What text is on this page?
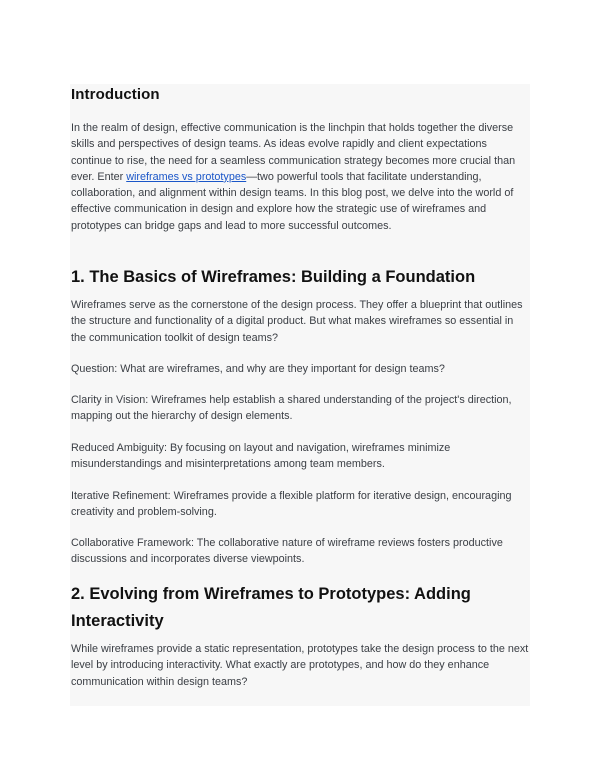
Introduction

In the realm of design, effective communication is the linchpin that holds together the diverse skills and perspectives of design teams. As ideas evolve rapidly and client expectations continue to rise, the need for a seamless communication strategy becomes more crucial than ever. Enter wireframes vs prototypes—two powerful tools that facilitate understanding, collaboration, and alignment within design teams. In this blog post, we delve into the world of effective communication in design and explore how the strategic use of wireframes and prototypes can bridge gaps and lead to more successful outcomes.

1. The Basics of Wireframes: Building a Foundation

Wireframes serve as the cornerstone of the design process. They offer a blueprint that outlines the structure and functionality of a digital product. But what makes wireframes so essential in the communication toolkit of design teams?

Question: What are wireframes, and why are they important for design teams?

Clarity in Vision: Wireframes help establish a shared understanding of the project's direction, mapping out the hierarchy of design elements.

Reduced Ambiguity: By focusing on layout and navigation, wireframes minimize misunderstandings and misinterpretations among team members.

Iterative Refinement: Wireframes provide a flexible platform for iterative design, encouraging creativity and problem-solving.

Collaborative Framework: The collaborative nature of wireframe reviews fosters productive discussions and incorporates diverse viewpoints.

2. Evolving from Wireframes to Prototypes: Adding Interactivity

While wireframes provide a static representation, prototypes take the design process to the next level by introducing interactivity. What exactly are prototypes, and how do they enhance communication within design teams?
